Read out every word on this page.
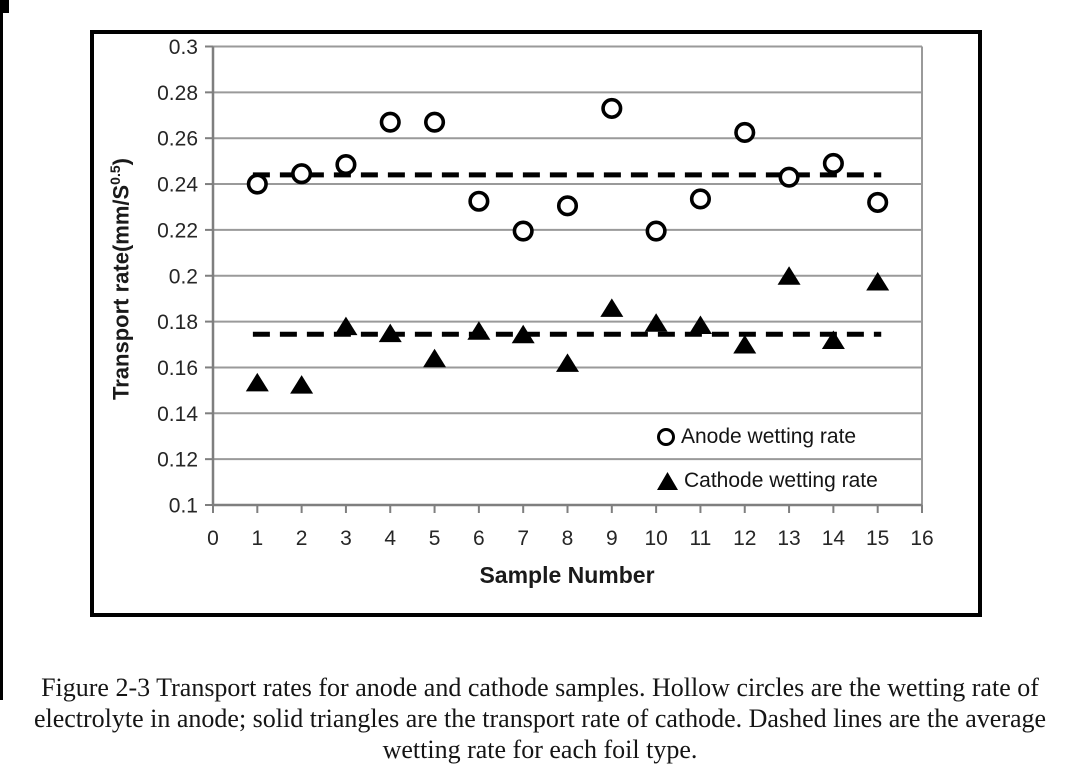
0.1
0.12
0.14
0.16
0.18
0.2
0.22
0.24
0.26
0.28
0.3
0 1 2 3 4 5 6 7 8 9 10 11 12 13 14 15 16
Transport $rate(mm/S^{0.5})$
Sample Number
Anode wetting rate
Cathode wetting rate
Figure 2-3 Transport rates for anode and cathode samples. Hollow circles are the wetting rate of
electrolyte in anode; solid triangles are the transport rate of cathode. Dashed lines are the average
wetting rate for each foil type.
